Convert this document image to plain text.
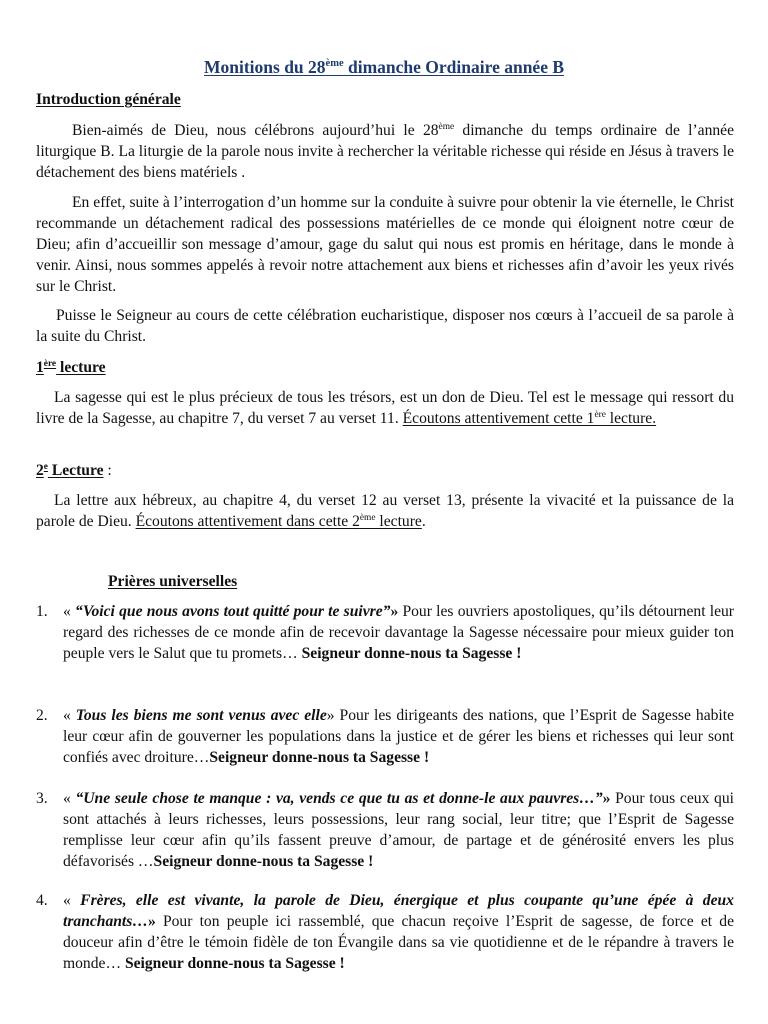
Monitions du 28ème dimanche Ordinaire année B
Introduction générale

Bien-aimés de Dieu, nous célébrons aujourd’hui le 28ème dimanche du temps ordinaire de l’année liturgique B. La liturgie de la parole nous invite à rechercher la véritable richesse qui réside en Jésus à travers le détachement des biens matériels .

En effet, suite à l’interrogation d’un homme sur la conduite à suivre pour obtenir la vie éternelle, le Christ recommande un détachement radical des possessions matérielles de ce monde qui éloignent notre cœur de Dieu; afin d’accueillir son message d’amour, gage du salut qui nous est promis en héritage, dans le monde à venir. Ainsi, nous sommes appelés à revoir notre attachement aux biens et richesses afin d’avoir les yeux rivés sur le Christ.

Puisse le Seigneur au cours de cette célébration eucharistique, disposer nos cœurs à l’accueil de sa parole à la suite du Christ.

1ère lecture

La sagesse qui est le plus précieux de tous les trésors, est un don de Dieu. Tel est le message qui ressort du livre de la Sagesse, au chapitre 7, du verset 7 au verset 11. Écoutons attentivement cette 1ère lecture.

2e Lecture :

La lettre aux hébreux, au chapitre 4, du verset 12 au verset 13, présente la vivacité et la puissance de la parole de Dieu. Écoutons attentivement dans cette 2ème lecture.

Prières universelles
1. « “Voici que nous avons tout quitté pour te suivre”» Pour les ouvriers apostoliques, qu’ils détournent leur regard des richesses de ce monde afin de recevoir davantage la Sagesse nécessaire pour mieux guider ton peuple vers le Salut que tu promets… Seigneur donne-nous ta Sagesse !

2. « Tous les biens me sont venus avec elle» Pour les dirigeants des nations, que l’Esprit de Sagesse habite leur cœur afin de gouverner les populations dans la justice et de gérer les biens et richesses qui leur sont confiés avec droiture…Seigneur donne-nous ta Sagesse !

3. « “Une seule chose te manque : va, vends ce que tu as et donne-le aux pauvres…”» Pour tous ceux qui sont attachés à leurs richesses, leurs possessions, leur rang social, leur titre; que l’Esprit de Sagesse remplisse leur cœur afin qu’ils fassent preuve d’amour, de partage et de générosité envers les plus défavorisés …Seigneur donne-nous ta Sagesse !

4. « Frères, elle est vivante, la parole de Dieu, énergique et plus coupante qu’une épée à deux tranchants…» Pour ton peuple ici rassemblé, que chacun reçoive l’Esprit de sagesse, de force et de douceur afin d’être le témoin fidèle de ton Évangile dans sa vie quotidienne et de le répandre à travers le monde… Seigneur donne-nous ta Sagesse !
